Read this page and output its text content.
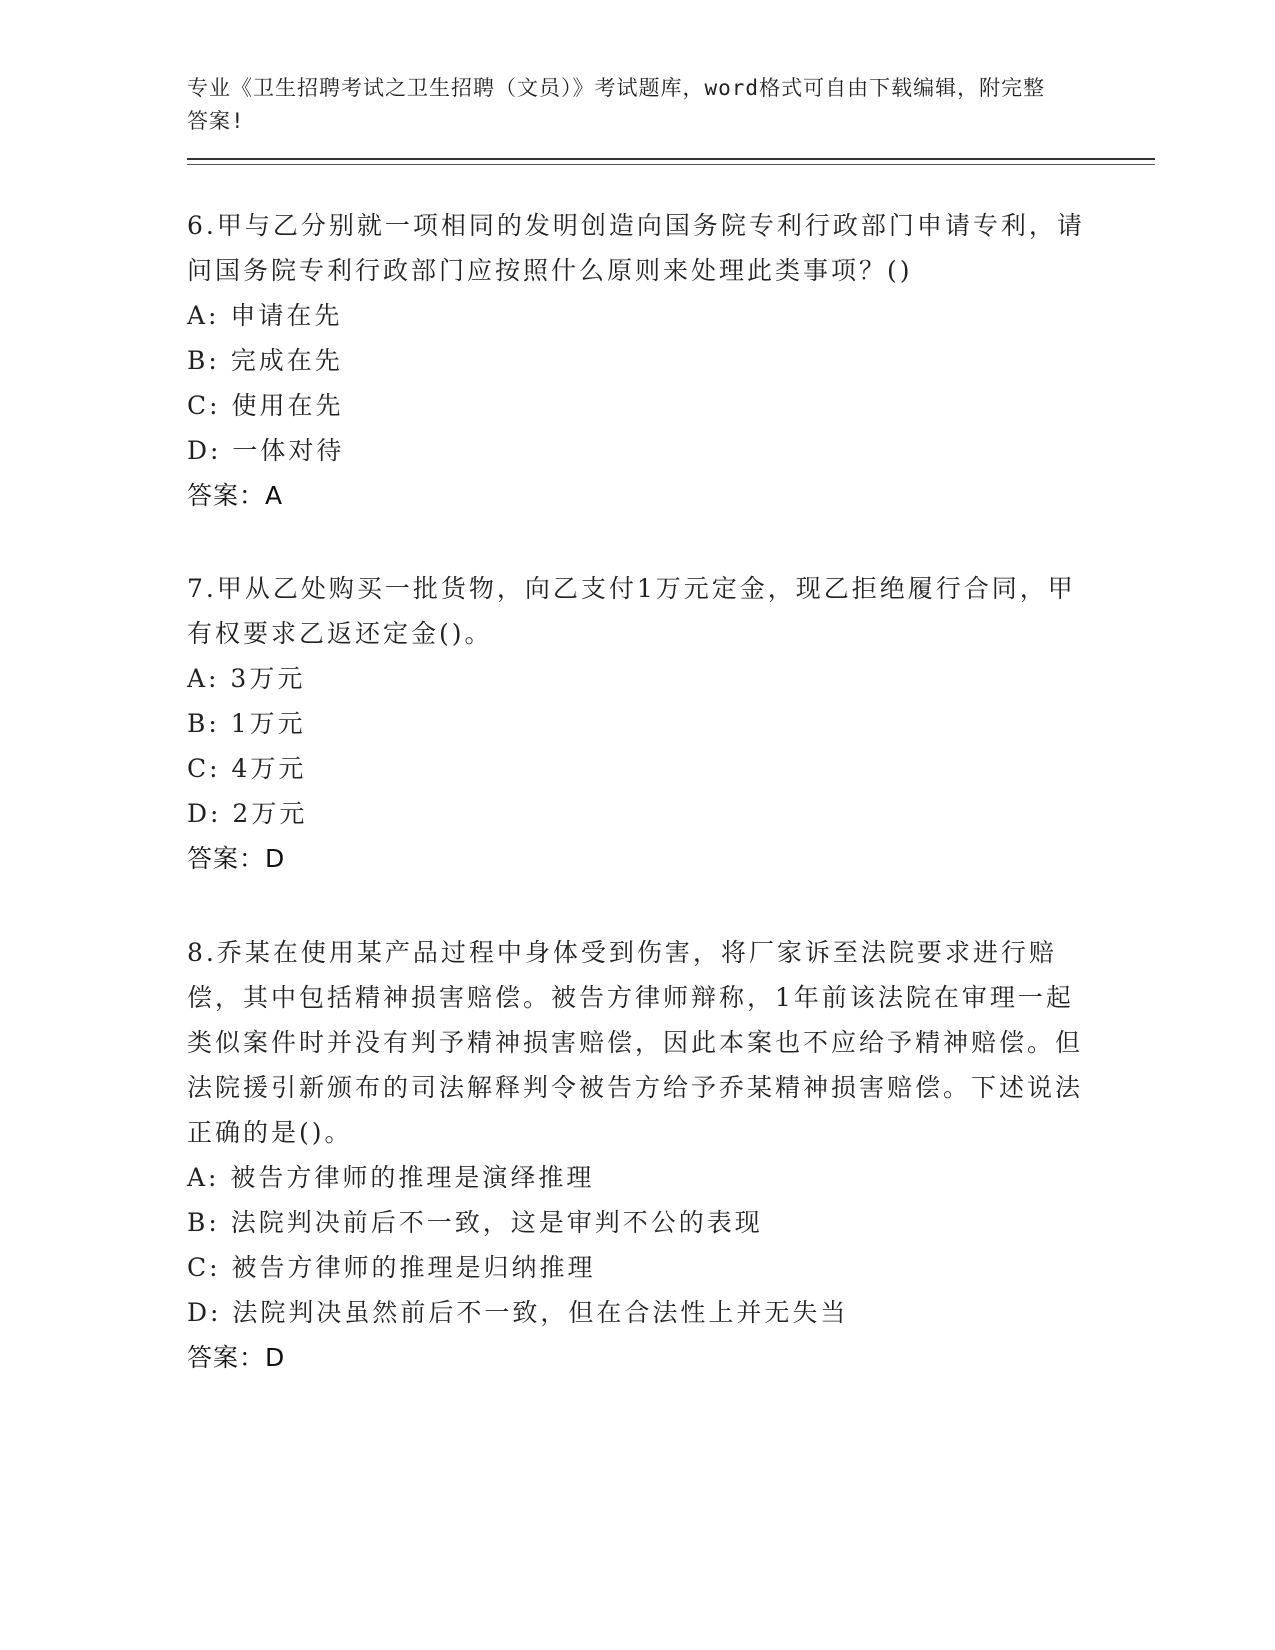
专业《卫生招聘考试之卫生招聘（文员）》考试题库，word格式可自由下载编辑，附完整答案!
6.甲与乙分别就一项相同的发明创造向国务院专利行政部门申请专利，请问国务院专利行政部门应按照什么原则来处理此类事项？()
A: 申请在先
B: 完成在先
C: 使用在先
D: 一体对待
答案：A
7.甲从乙处购买一批货物，向乙支付1万元定金，现乙拒绝履行合同，甲有权要求乙返还定金()。
A: 3万元
B: 1万元
C: 4万元
D: 2万元
答案：D
8.乔某在使用某产品过程中身体受到伤害，将厂家诉至法院要求进行赔偿，其中包括精神损害赔偿。被告方律师辩称，1年前该法院在审理一起类似案件时并没有判予精神损害赔偿，因此本案也不应给予精神赔偿。但法院援引新颁布的司法解释判令被告方给予乔某精神损害赔偿。下述说法正确的是()。
A: 被告方律师的推理是演绎推理
B: 法院判决前后不一致，这是审判不公的表现
C: 被告方律师的推理是归纳推理
D: 法院判决虽然前后不一致，但在合法性上并无失当
答案：D
